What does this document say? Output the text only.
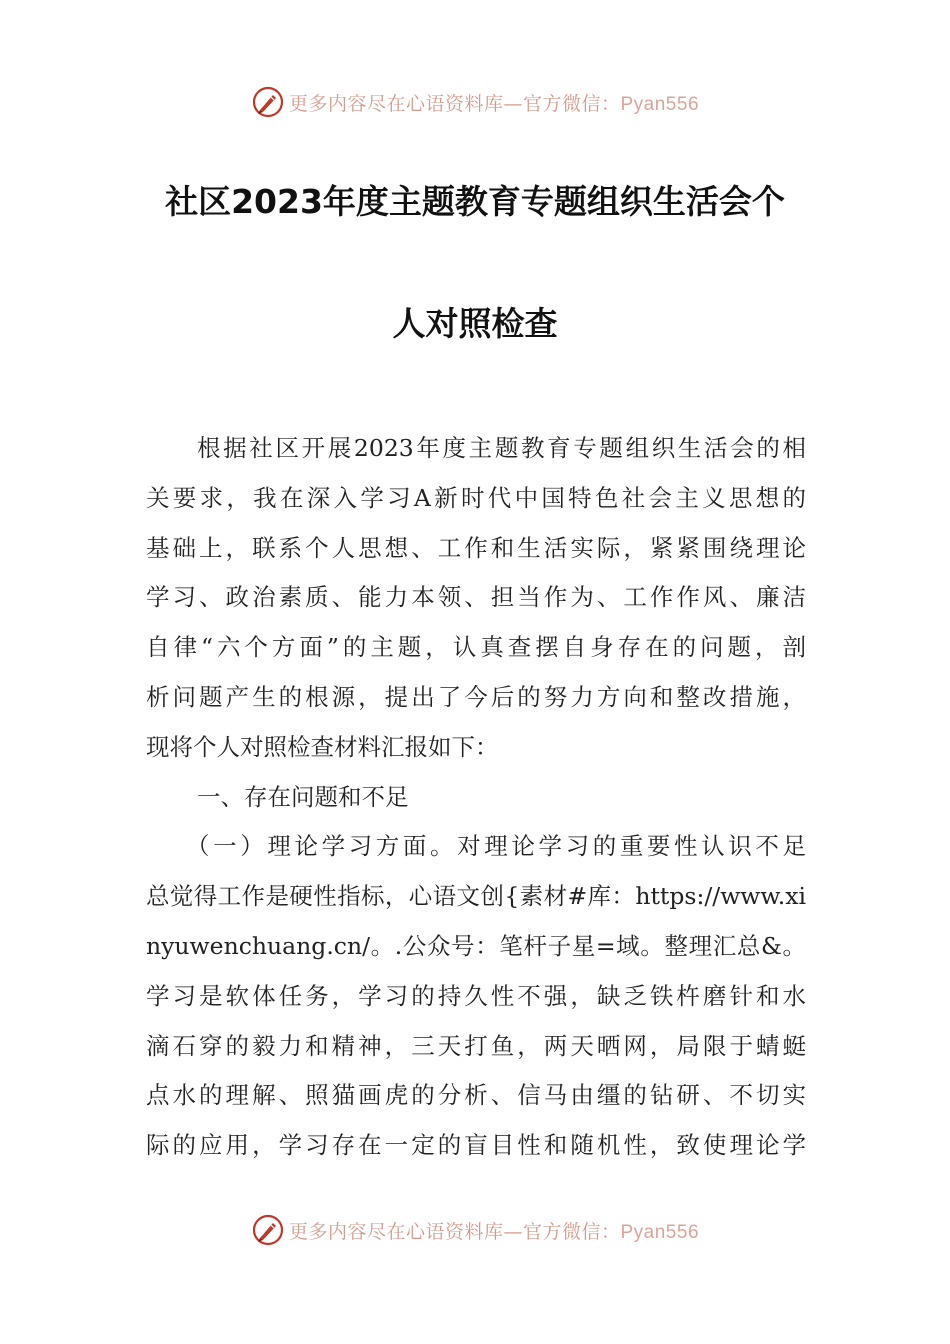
更多内容尽在心语资料库—官方微信：Pyan556
社区2023年度主题教育专题组织生活会个
人对照检查
根据社区开展2023年度主题教育专题组织生活会的相
关要求，我在深入学习A新时代中国特色社会主义思想的
基础上，联系个人思想、工作和生活实际，紧紧围绕理论
学习、政治素质、能力本领、担当作为、工作作风、廉洁
自律“六个方面”的主题，认真查摆自身存在的问题，剖
析问题产生的根源，提出了今后的努力方向和整改措施，
现将个人对照检查材料汇报如下：
一、存在问题和不足
（一）理论学习方面。对理论学习的重要性认识不足
总觉得工作是硬性指标，心语文创{素材#库：https://www.xi
nyuwenchuang.cn/。.公众号：笔杆子星=域。整理汇总&。
学习是软体任务，学习的持久性不强，缺乏铁杵磨针和水
滴石穿的毅力和精神，三天打鱼，两天晒网，局限于蜻蜓
点水的理解、照猫画虎的分析、信马由缰的钻研、不切实
际的应用，学习存在一定的盲目性和随机性，致使理论学
更多内容尽在心语资料库—官方微信：Pyan556
